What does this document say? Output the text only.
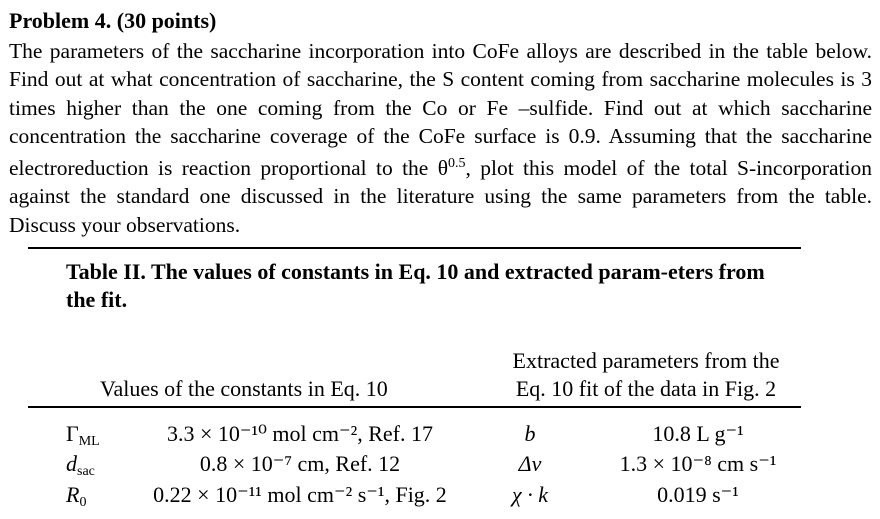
Problem 4. (30 points)
The parameters of the saccharine incorporation into CoFe alloys are described in the table below. Find out at what concentration of saccharine, the S content coming from saccharine molecules is 3 times higher than the one coming from the Co or Fe –sulfide. Find out at which saccharine concentration the saccharine coverage of the CoFe surface is 0.9. Assuming that the saccharine electroreduction is reaction proportional to the $\theta^{0.5}$, plot this model of the total S-incorporation against the standard one discussed in the literature using the same parameters from the table. Discuss your observations.
Table II. The values of constants in Eq. 10 and extracted param-eters from the fit.
Values of the constants in Eq. 10
Extracted parameters from the
Eq. 10 fit of the data in Fig. 2
$\Gamma_{ML}$	3.3 × 10⁻¹⁰ mol cm⁻², Ref. 17	b	10.8 L g⁻¹
$d_{sac}$	0.8 × 10⁻⁷ cm, Ref. 12	Δν	1.3 × 10⁻⁸ cm s⁻¹
$R_0$	0.22 × 10⁻¹¹ mol cm⁻² s⁻¹, Fig. 2	χ · k	0.019 s⁻¹
